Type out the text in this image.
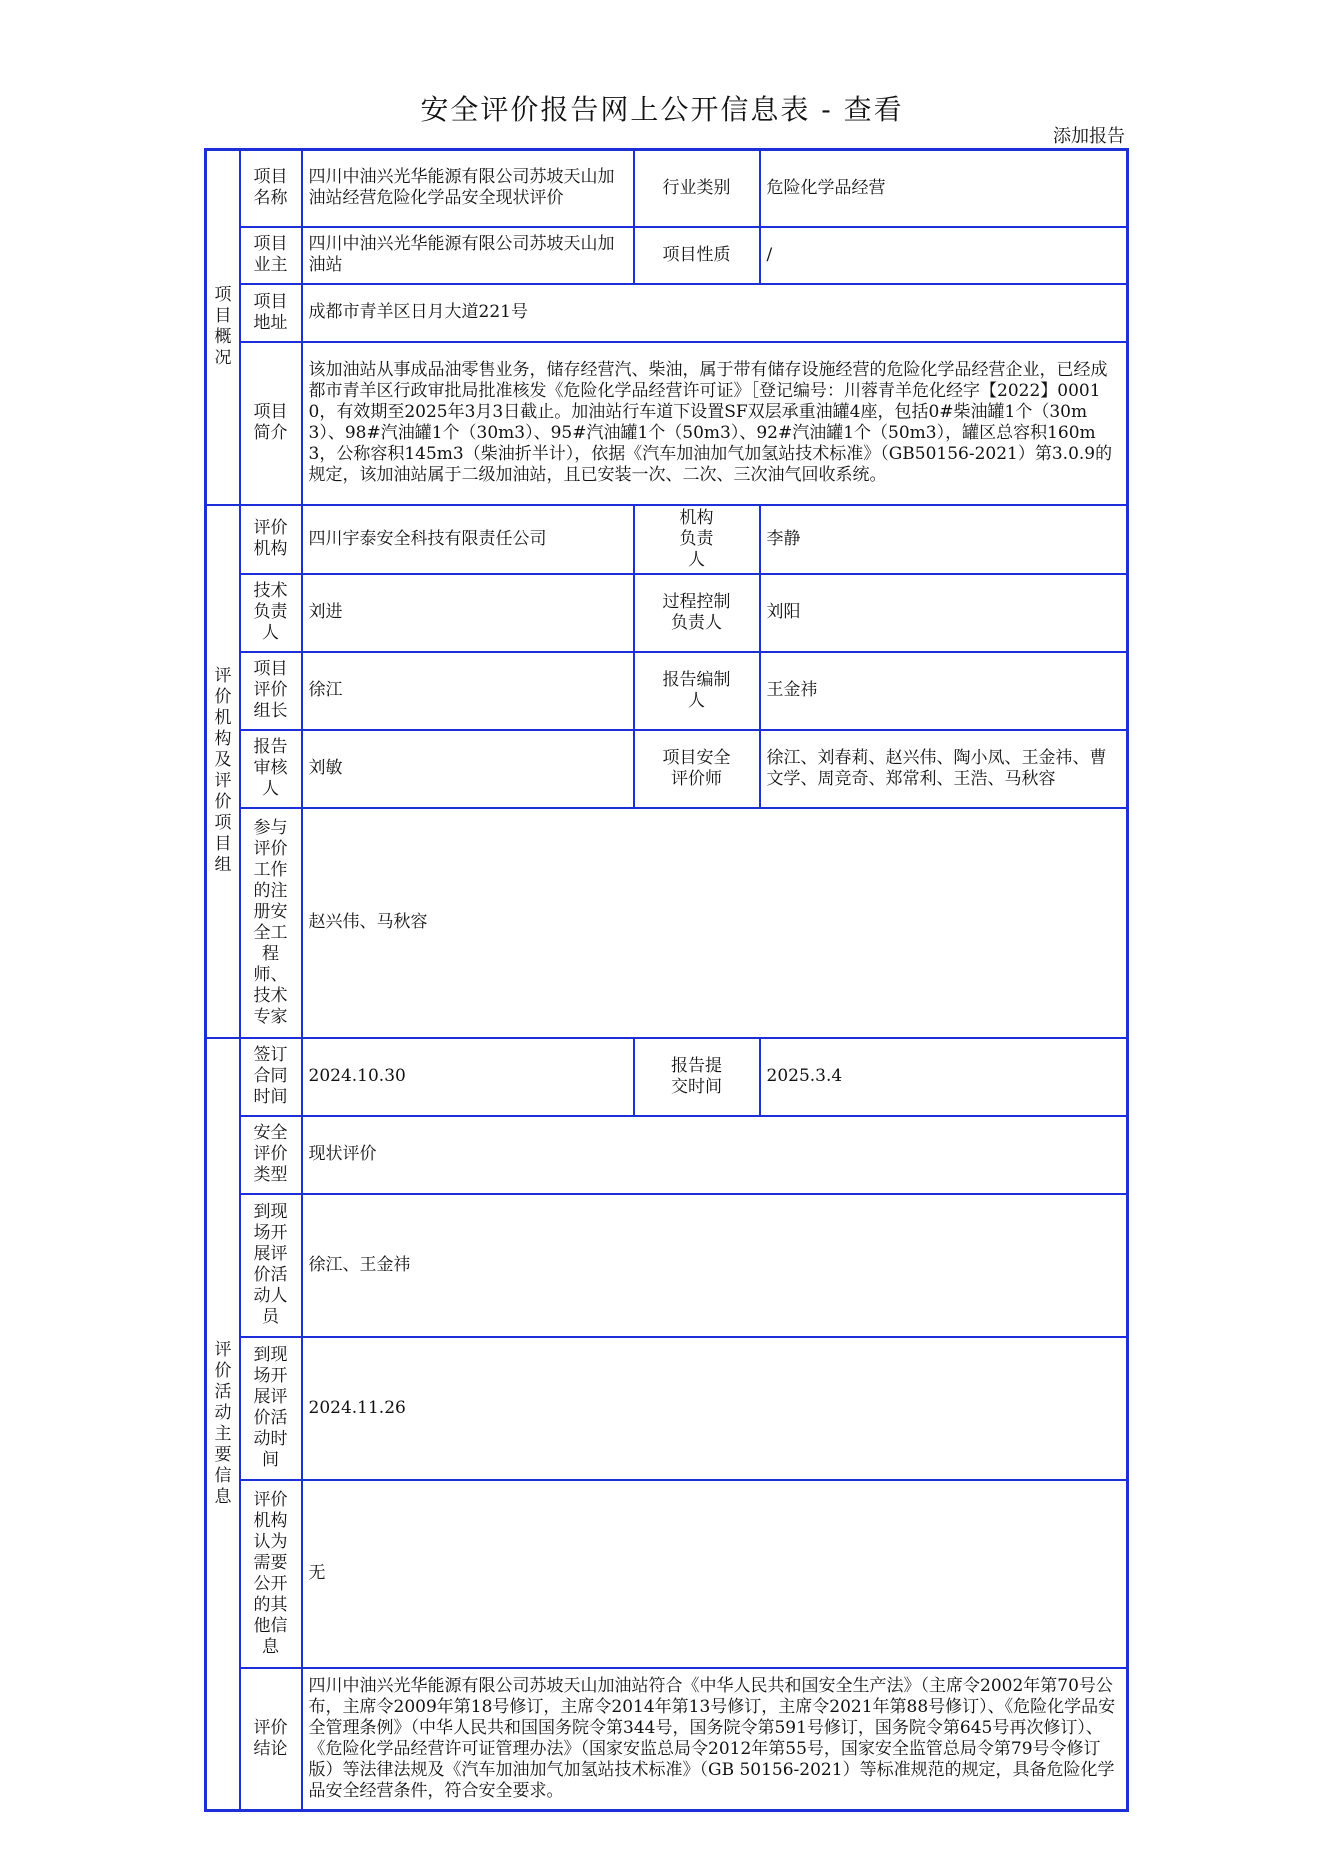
安全评价报告网上公开信息表 - 查看
添加报告
项目概况	项目名称	四川中油兴光华能源有限公司苏坡天山加油站经营危险化学品安全现状评价	行业类别	危险化学品经营
	项目业主	四川中油兴光华能源有限公司苏坡天山加油站	项目性质	/
	项目地址	成都市青羊区日月大道221号		
	项目简介	该加油站从事成品油零售业务，储存经营汽、柴油，属于带有储存设施经营的危险化学品经营企业，已经成都市青羊区行政审批局批准核发《危险化学品经营许可证》［登记编号：川蓉青羊危化经字【2022】00010，有效期至2025年3月3日截止。加油站行车道下设置SF双层承重油罐4座，包括0#柴油罐1个（30m3）、98#汽油罐1个（30m3）、95#汽油罐1个（50m3）、92#汽油罐1个（50m3），罐区总容积160m3，公称容积145m3（柴油折半计），依据《汽车加油加气加氢站技术标准》（GB50156-2021）第3.0.9的规定，该加油站属于二级加油站，且已安装一次、二次、三次油气回收系统。		
评价机构及评价项目组	评价机构	四川宇泰安全科技有限责任公司	机构负责人	李静
	技术负责人	刘进	过程控制负责人	刘阳
	项目评价组长	徐江	报告编制人	王金祎
	报告审核人	刘敏	项目安全评价师	徐江、刘春莉、赵兴伟、陶小凤、王金祎、曹文学、周竞奇、郑常利、王浩、马秋容
	参与评价工作的注册安全工程师、技术专家	赵兴伟、马秋容		
评价活动主要信息	签订合同时间	2024.10.30	报告提交时间	2025.3.4
	安全评价类型	现状评价		
	到现场开展评价活动人员	徐江、王金祎		
	到现场开展评价活动时间	2024.11.26		
	评价机构认为需要公开的其他信息	无		
	评价结论	四川中油兴光华能源有限公司苏坡天山加油站符合《中华人民共和国安全生产法》（主席令2002年第70号公布，主席令2009年第18号修订，主席令2014年第13号修订，主席令2021年第88号修订）、《危险化学品安全管理条例》（中华人民共和国国务院令第344号，国务院令第591号修订，国务院令第645号再次修订）、《危险化学品经营许可证管理办法》（国家安监总局令2012年第55号，国家安全监管总局令第79号令修订版）等法律法规及《汽车加油加气加氢站技术标准》（GB 50156-2021）等标准规范的规定，具备危险化学品安全经营条件，符合安全要求。		
